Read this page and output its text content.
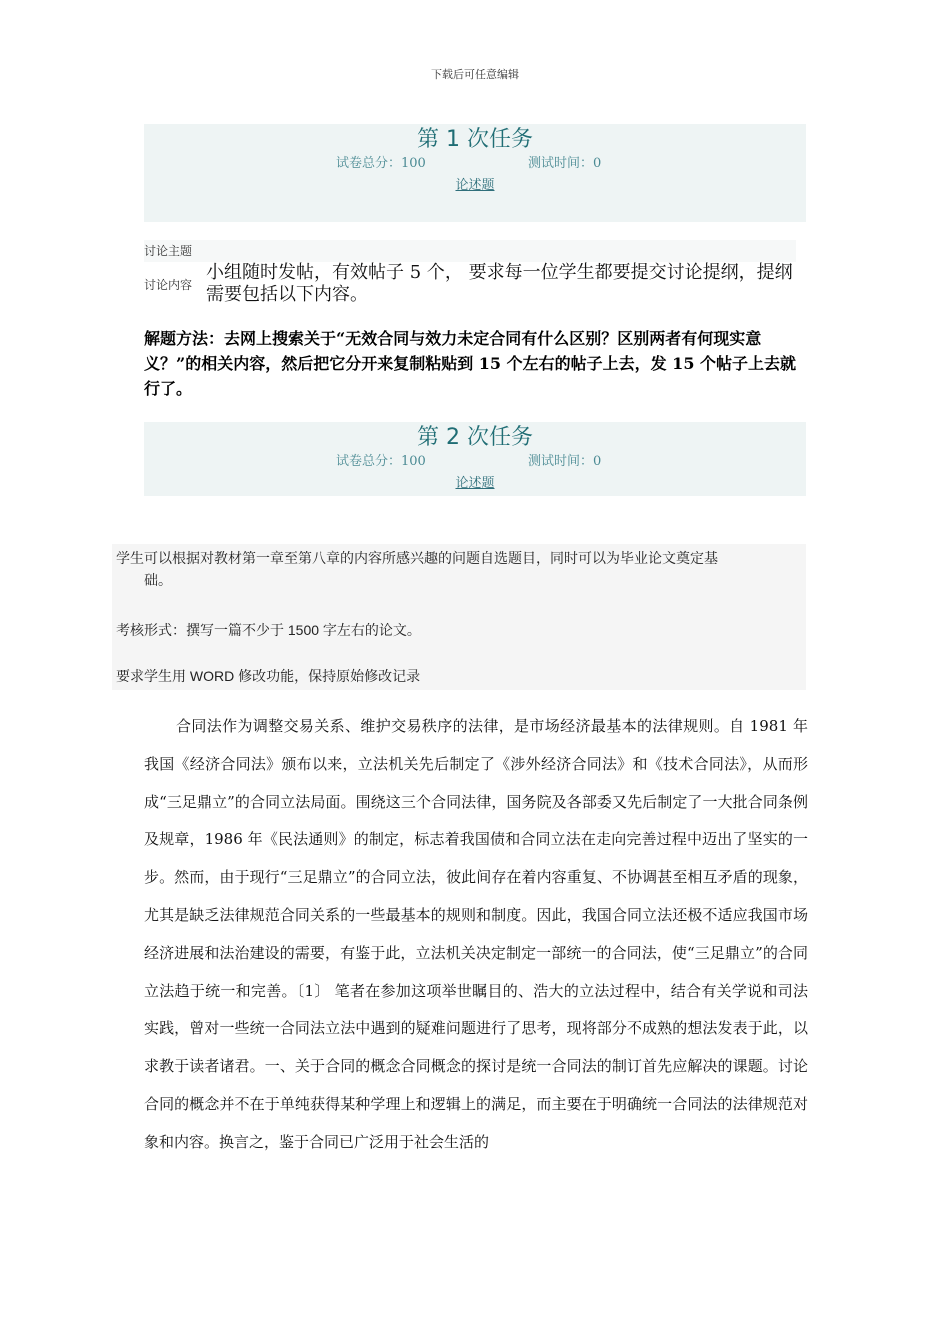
下载后可任意编辑
第 1 次任务
试卷总分：100	测试时间：0
论述题
讨论主题
讨论内容
小组随时发帖，有效帖子 5 个， 要求每一位学生都要提交讨论提纲，提纲需要包括以下内容。
解题方法：去网上搜索关于“无效合同与效力未定合同有什么区别？区别两者有何现实意义？”的相关内容，然后把它分开来复制粘贴到 15 个左右的帖子上去，发 15 个帖子上去就行了。
第 2 次任务
试卷总分：100	测试时间：0
论述题
学生可以根据对教材第一章至第八章的内容所感兴趣的问题自选题目，同时可以为毕业论文奠定基
础。
考核形式：撰写一篇不少于 1500 字左右的论文。
要求学生用 WORD 修改功能，保持原始修改记录

合同法作为调整交易关系、维护交易秩序的法律，是市场经济最基本的法律规则。自 1981 年我国《经济合同法》颁布以来，立法机关先后制定了《涉外经济合同法》和《技术合同法》，从而形成“三足鼎立”的合同立法局面。围绕这三个合同法律，国务院及各部委又先后制定了一大批合同条例及规章，1986 年《民法通则》的制定，标志着我国债和合同立法在走向完善过程中迈出了坚实的一步。然而，由于现行“三足鼎立”的合同立法，彼此间存在着内容重复、不协调甚至相互矛盾的现象，尤其是缺乏法律规范合同关系的一些最基本的规则和制度。因此，我国合同立法还极不适应我国市场经济进展和法治建设的需要，有鉴于此，立法机关决定制定一部统一的合同法，使“三足鼎立”的合同立法趋于统一和完善。〔1〕 笔者在参加这项举世瞩目的、浩大的立法过程中，结合有关学说和司法实践，曾对一些统一合同法立法中遇到的疑难问题进行了思考，现将部分不成熟的想法发表于此，以求教于读者诸君。一、关于合同的概念合同概念的探讨是统一合同法的制订首先应解决的课题。讨论合同的概念并不在于单纯获得某种学理上和逻辑上的满足，而主要在于明确统一合同法的法律规范对象和内容。换言之，鉴于合同已广泛用于社会生活的
